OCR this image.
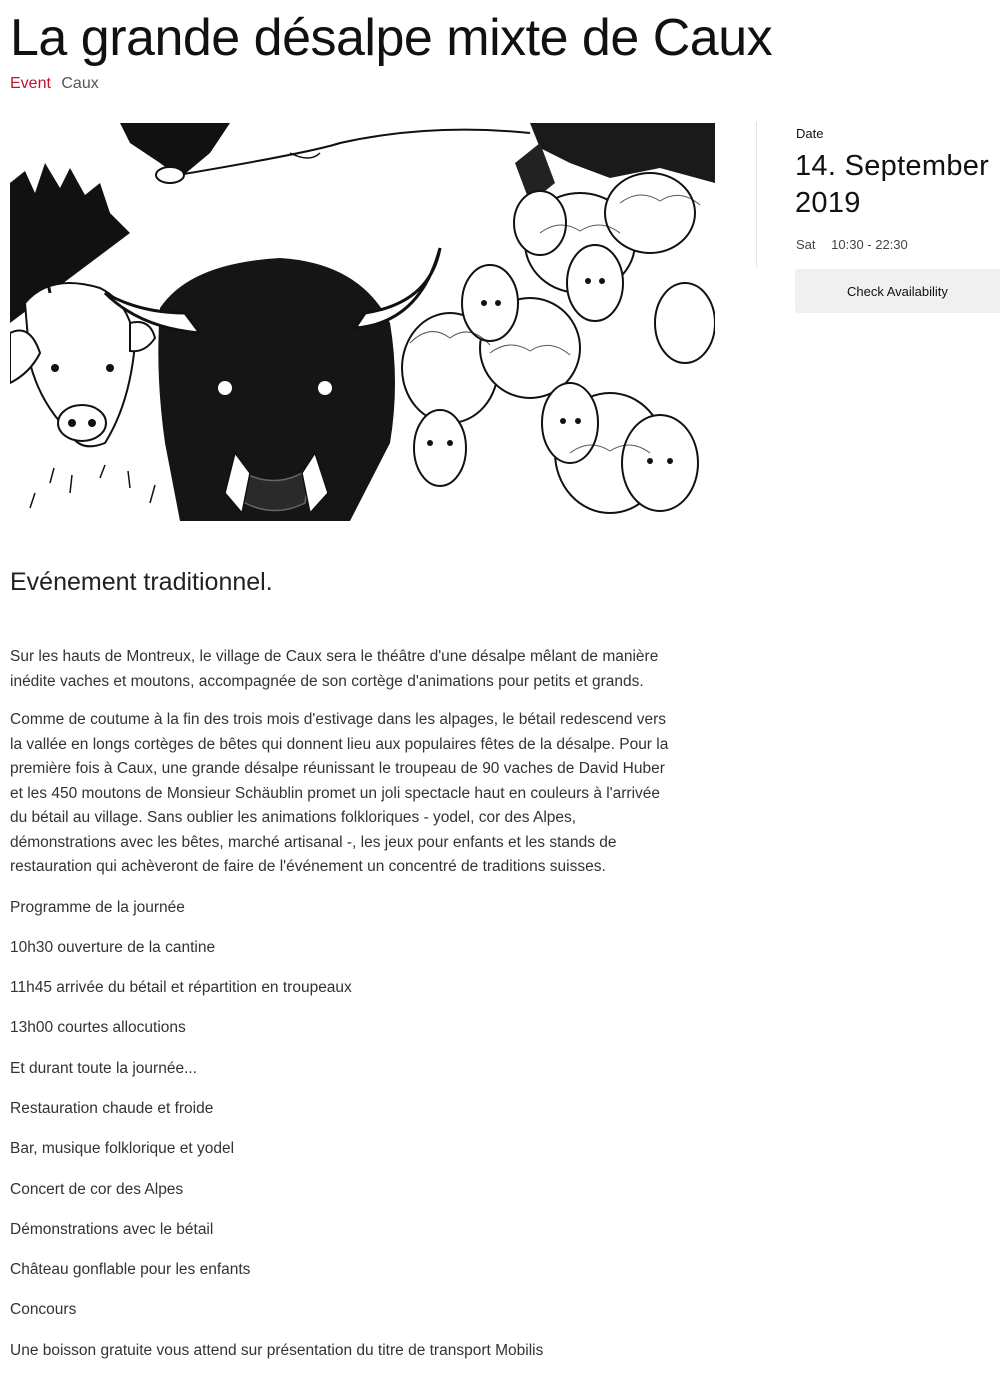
La grande désalpe mixte de Caux
Event Caux
Date
14. September
2019
Sat 10:30 - 22:30
Check Availability
Evénement traditionnel.

Sur les hauts de Montreux, le village de Caux sera le théâtre d'une désalpe mêlant de manière
inédite vaches et moutons, accompagnée de son cortège d'animations pour petits et grands.

Comme de coutume à la fin des trois mois d'estivage dans les alpages, le bétail redescend vers
la vallée en longs cortèges de bêtes qui donnent lieu aux populaires fêtes de la désalpe. Pour la
première fois à Caux, une grande désalpe réunissant le troupeau de 90 vaches de David Huber
et les 450 moutons de Monsieur Schäublin promet un joli spectacle haut en couleurs à l'arrivée
du bétail au village. Sans oublier les animations folkloriques - yodel, cor des Alpes,
démonstrations avec les bêtes, marché artisanal -, les jeux pour enfants et les stands de
restauration qui achèveront de faire de l'événement un concentré de traditions suisses.

Programme de la journée

10h30 ouverture de la cantine

11h45 arrivée du bétail et répartition en troupeaux

13h00 courtes allocutions

Et durant toute la journée...

Restauration chaude et froide

Bar, musique folklorique et yodel

Concert de cor des Alpes

Démonstrations avec le bétail

Château gonflable pour les enfants

Concours

Une boisson gratuite vous attend sur présentation du titre de transport Mobilis
